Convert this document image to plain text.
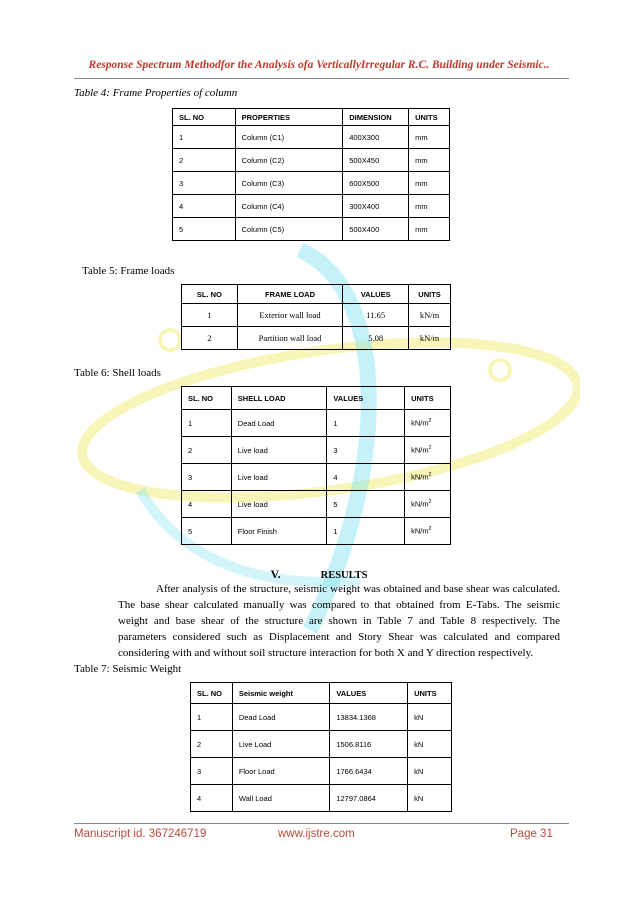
Response Spectrum Methodfor the Analysis ofa VerticallyIrregular R.C. Building under Seismic..
Table 4: Frame Properties of column
SL. NO	PROPERTIES	DIMENSION	UNITS
1	Column (C1)	400X300	mm
2	Column (C2)	500X450	mm
3	Column (C3)	600X500	mm
4	Column (C4)	300X400	mm
5	Column (C5)	500X400	mm
Table 5: Frame loads
SL. NO	FRAME LOAD	VALUES	UNITS
1	Exterior wall load	11.65	kN/m
2	Partition wall load	5.08	kN/m
Table 6: Shell loads
SL. NO	SHELL LOAD	VALUES	UNITS
1	Dead Load	1	$kN/m^2$
2	Live load	3	$kN/m^2$
3	Live load	4	$kN/m^2$
4	Live load	5	$kN/m^2$
5	Floor Finish	1	$kN/m^2$
V.	RESULTS
After analysis of the structure, seismic weight was obtained and base shear was calculated. The base shear calculated manually was compared to that obtained from E-Tabs. The seismic weight and base shear of the structure are shown in Table 7 and Table 8 respectively. The parameters considered such as Displacement and Story Shear was calculated and compared considering with and without soil structure interaction for both X and Y direction respectively.
Table 7: Seismic Weight
SL. NO	Seismic weight	VALUES	UNITS
1	Dead Load	13834.1368	kN
2	Live Load	1506.8116	kN
3	Floor Load	1766.6434	kN
4	Wall Load	12797.0864	kN
Manuscript id. 367246719	www.ijstre.com	Page 31
